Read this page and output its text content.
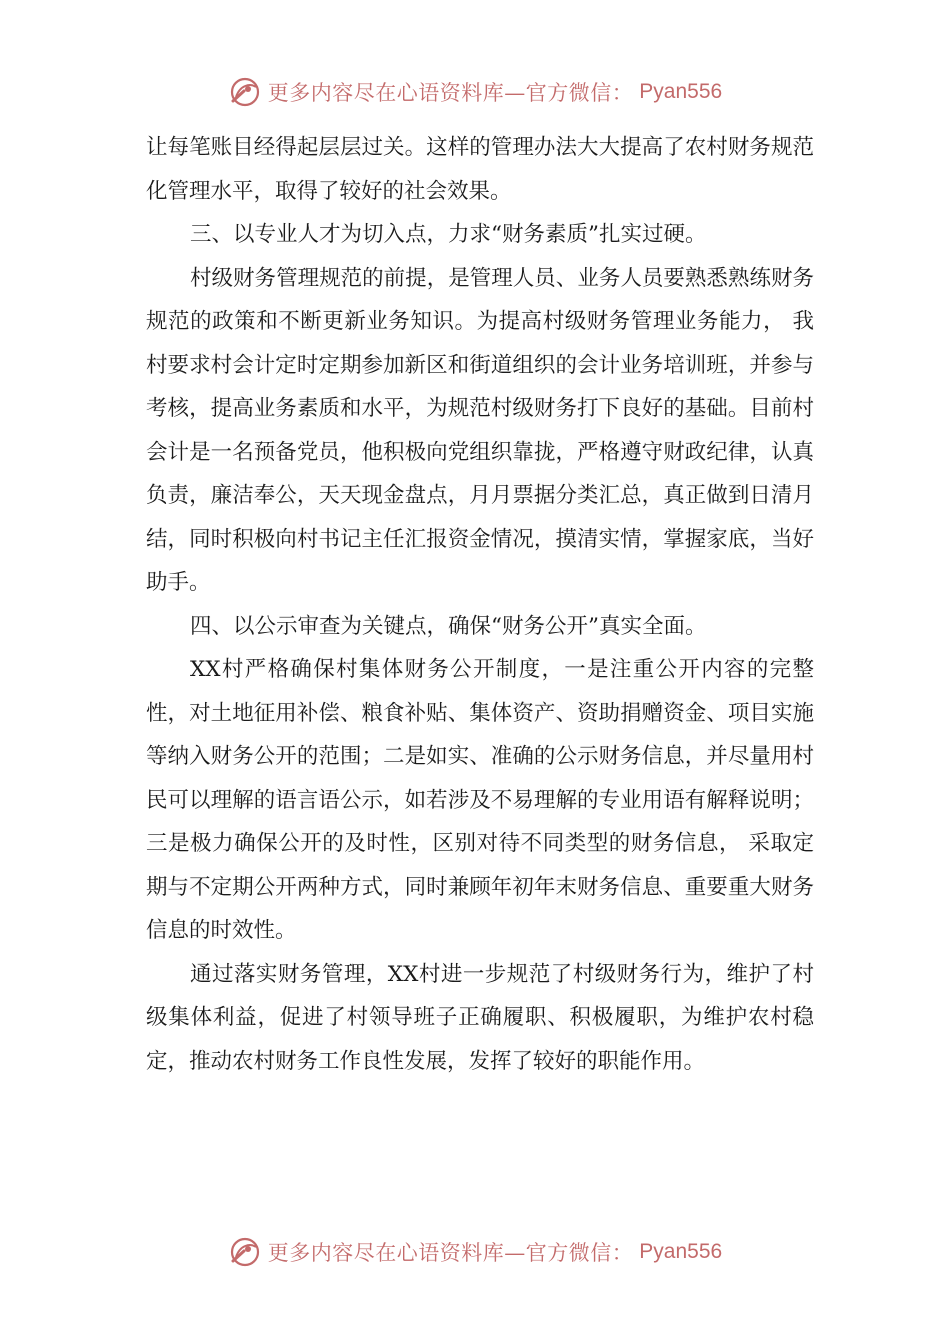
更多内容尽在心语资料库—官方微信： Pyan556

让每笔账目经得起层层过关。这样的管理办法大大提高了农村财务规范化管理水平，取得了较好的社会效果。

三、以专业人才为切入点，力求“财务素质”扎实过硬。

村级财务管理规范的前提，是管理人员、业务人员要熟悉熟练财务规范的政策和不断更新业务知识。为提高村级财务管理业务能力， 我村要求村会计定时定期参加新区和街道组织的会计业务培训班，并参与考核，提高业务素质和水平，为规范村级财务打下良好的基础。目前村会计是一名预备党员，他积极向党组织靠拢，严格遵守财政纪律，认真负责，廉洁奉公，天天现金盘点，月月票据分类汇总，真正做到日清月结，同时积极向村书记主任汇报资金情况，摸清实情，掌握家底，当好助手。

四、以公示审查为关键点，确保“财务公开”真实全面。

XX村严格确保村集体财务公开制度，一是注重公开内容的完整性，对土地征用补偿、粮食补贴、集体资产、资助捐赠资金、项目实施等纳入财务公开的范围；二是如实、准确的公示财务信息，并尽量用村民可以理解的语言语公示，如若涉及不易理解的专业用语有解释说明；三是极力确保公开的及时性，区别对待不同类型的财务信息， 采取定期与不定期公开两种方式，同时兼顾年初年末财务信息、重要重大财务信息的时效性。

通过落实财务管理，XX村进一步规范了村级财务行为，维护了村级集体利益，促进了村领导班子正确履职、积极履职，为维护农村稳定，推动农村财务工作良性发展，发挥了较好的职能作用。

更多内容尽在心语资料库—官方微信： Pyan556
